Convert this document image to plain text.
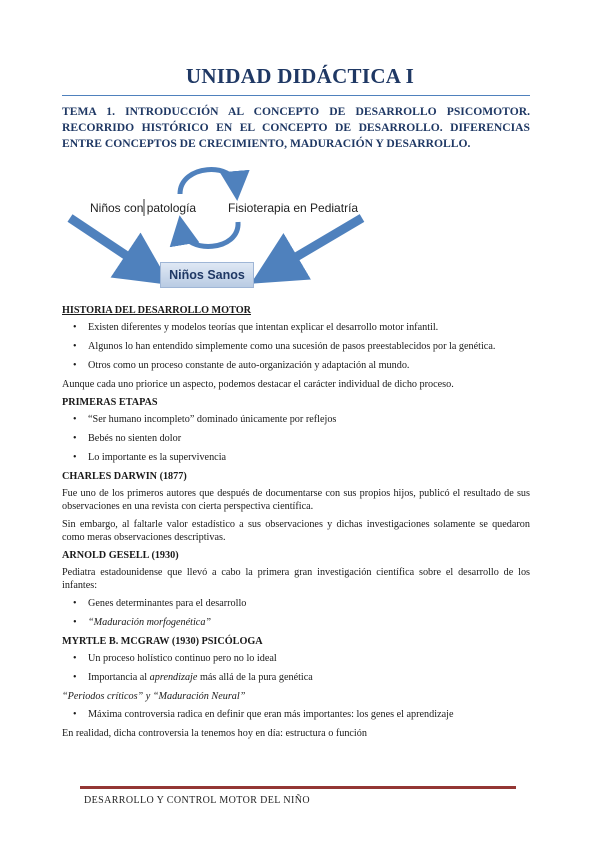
UNIDAD DIDÁCTICA I

TEMA 1. INTRODUCCIÓN AL CONCEPTO DE DESARROLLO PSICOMOTOR. RECORRIDO HISTÓRICO EN EL CONCEPTO DE DESARROLLO. DIFERENCIAS ENTRE CONCEPTOS DE CRECIMIENTO, MADURACIÓN Y DESARROLLO.

Niños con patología	Fisioterapia en Pediatría
Niños Sanos
HISTORIA DEL DESARROLLO MOTOR
• Existen diferentes y modelos teorías que intentan explicar el desarrollo motor infantil.
• Algunos lo han entendido simplemente como una sucesión de pasos preestablecidos por la genética.
• Otros como un proceso constante de auto-organización y adaptación al mundo.

Aunque cada uno priorice un aspecto, podemos destacar el carácter individual de dicho proceso.

PRIMERAS ETAPAS
• “Ser humano incompleto” dominado únicamente por reflejos
• Bebés no sienten dolor
• Lo importante es la supervivencia
CHARLES DARWIN (1877)

Fue uno de los primeros autores que después de documentarse con sus propios hijos, publicó el resultado de sus observaciones en una revista con cierta perspectiva científica.

Sin embargo, al faltarle valor estadístico a sus observaciones y dichas investigaciones solamente se quedaron como meras observaciones descriptivas.

ARNOLD GESELL (1930)

Pediatra estadounidense que llevó a cabo la primera gran investigación científica sobre el desarrollo de los infantes:

• Genes determinantes para el desarrollo
• “Maduración morfogenética”
MYRTLE B. MCGRAW (1930) PSICÓLOGA
• Un proceso holístico continuo pero no lo ideal
• Importancia al aprendizaje más allá de la pura genética

“Periodos críticos” y “Maduración Neural”

• Máxima controversia radica en definir que eran más importantes: los genes el aprendizaje

En realidad, dicha controversia la tenemos hoy en día: estructura o función

DESARROLLO Y CONTROL MOTOR DEL NIÑO
